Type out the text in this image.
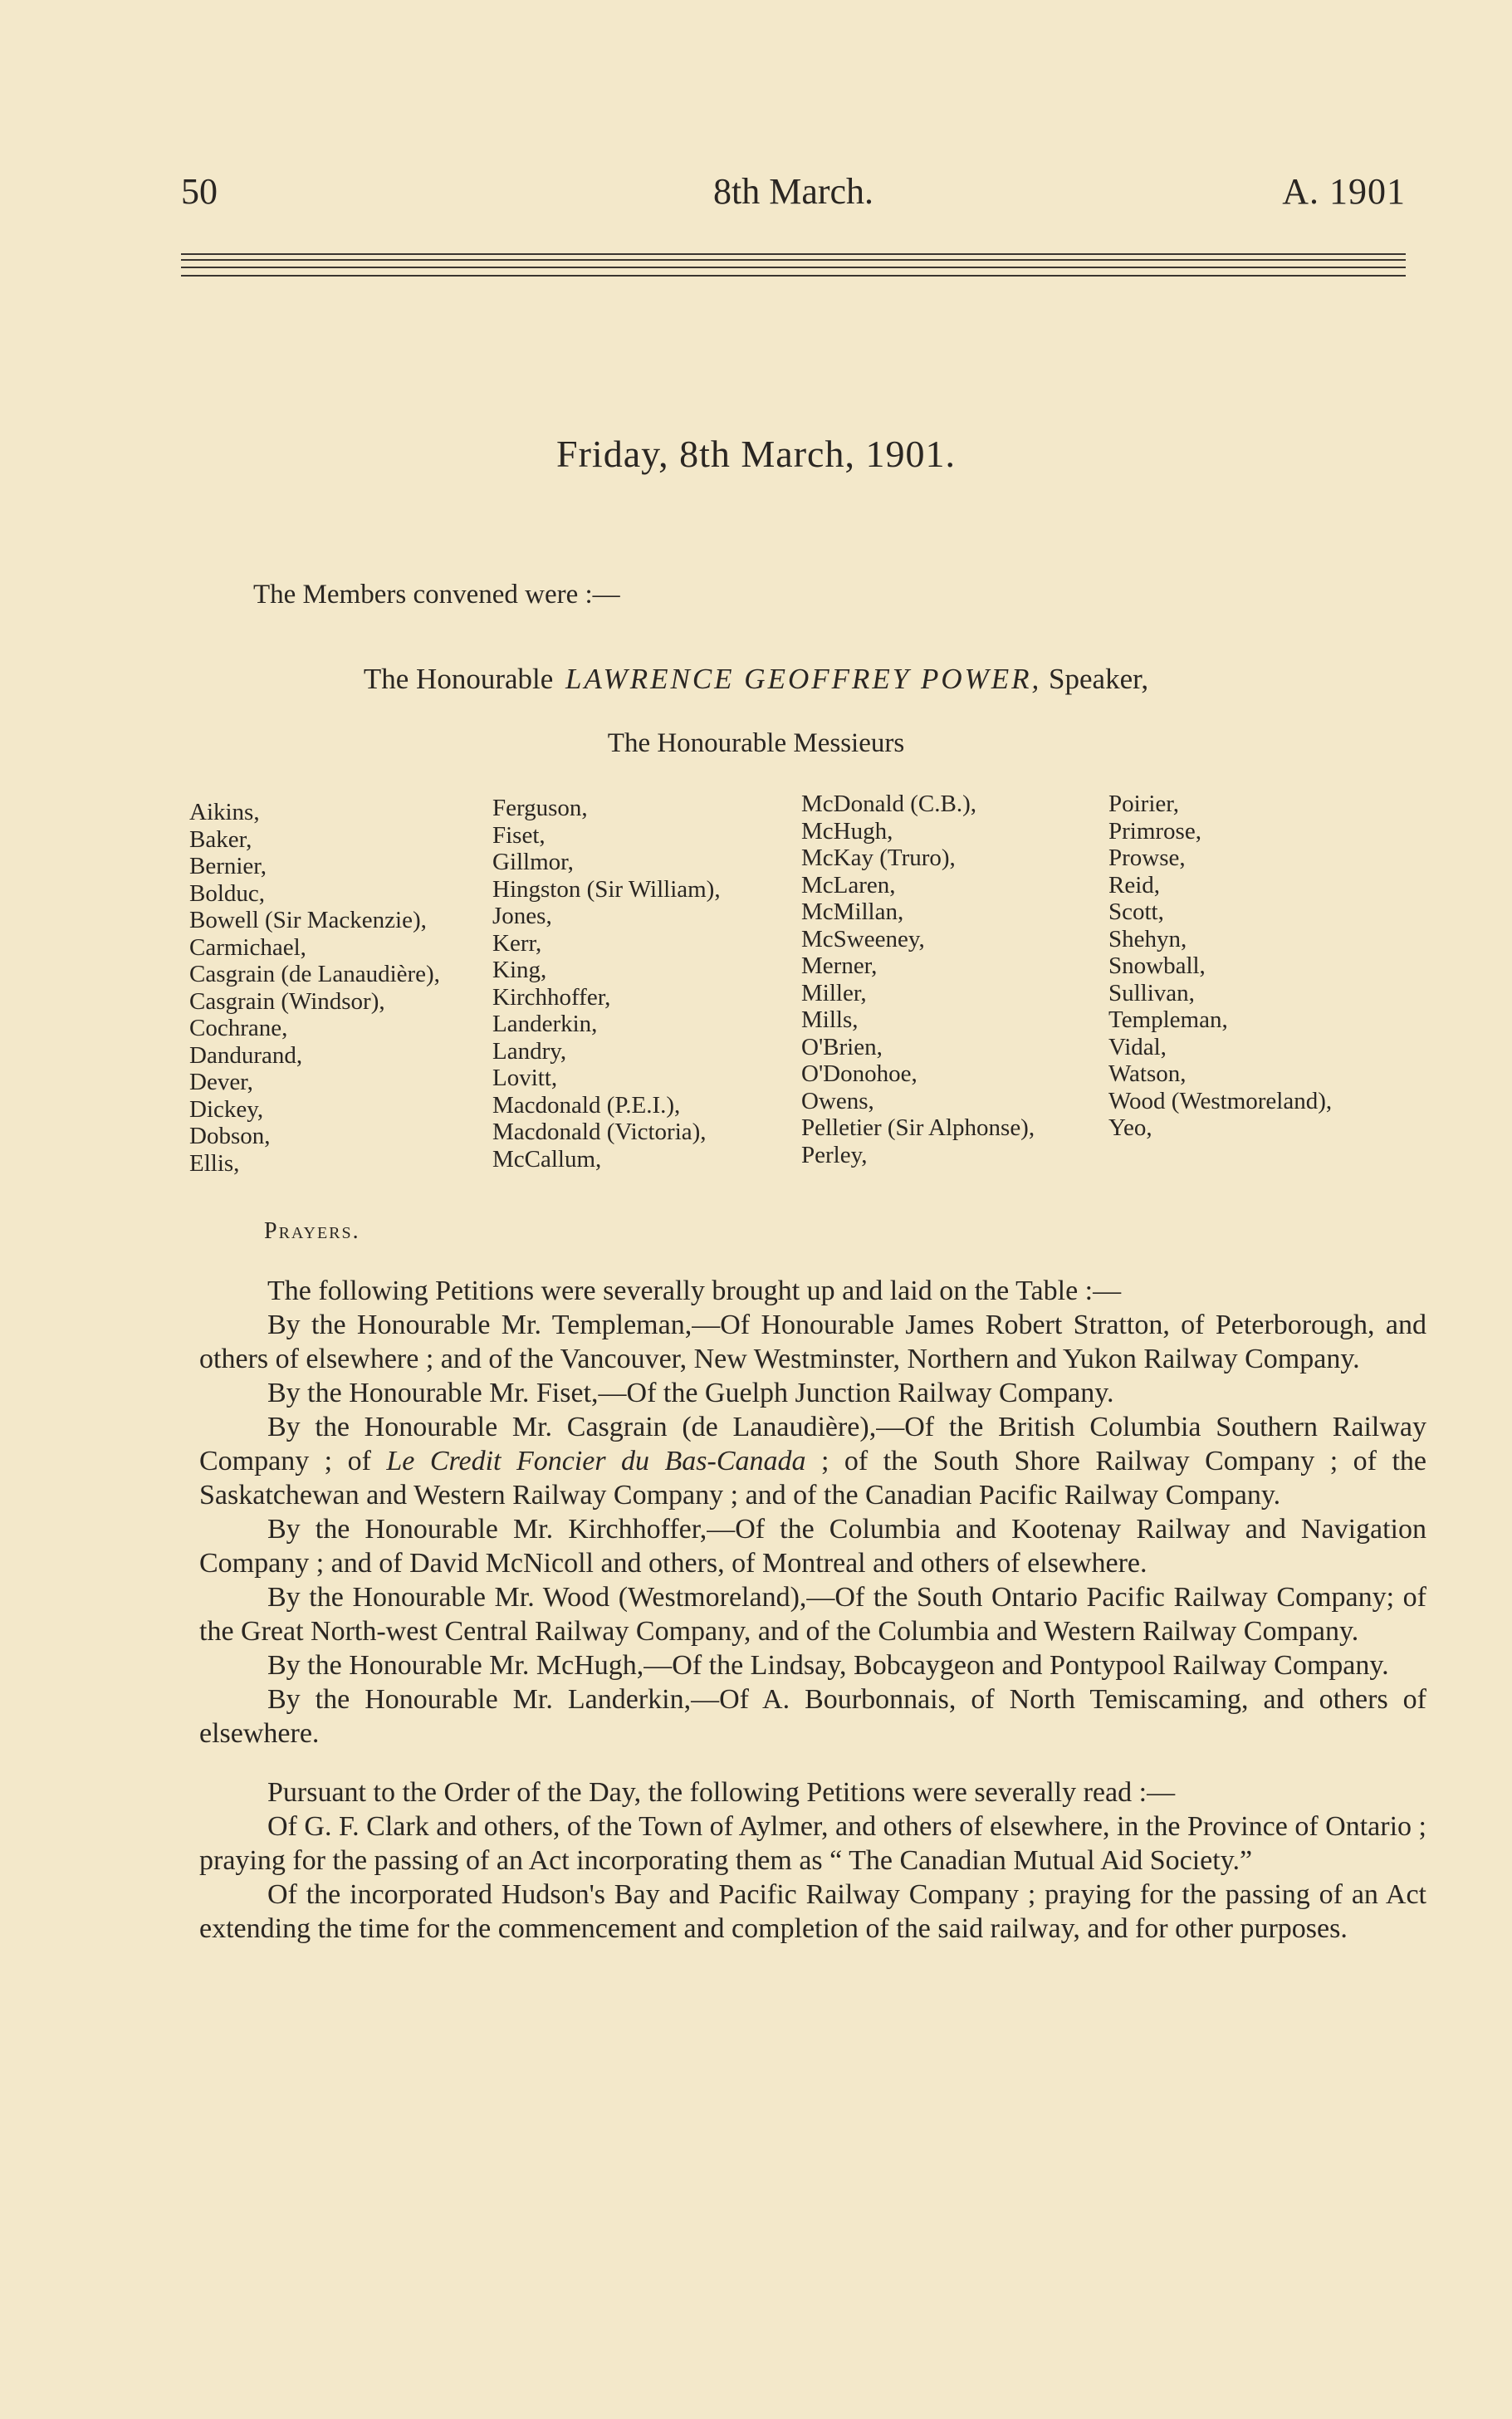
50	8th March.	A. 1901
Friday, 8th March, 1901.
The Members convened were :—
The Honourable LAWRENCE GEOFFREY POWER, Speaker,
The Honourable Messieurs
Aikins,
Baker,
Bernier,
Bolduc,
Bowell (Sir Mackenzie),
Carmichael,
Casgrain (de Lanaudière),
Casgrain (Windsor),
Cochrane,
Dandurand,
Dever,
Dickey,
Dobson,
Ellis,
Ferguson,
Fiset,
Gillmor,
Hingston (Sir William),
Jones,
Kerr,
King,
Kirchhoffer,
Landerkin,
Landry,
Lovitt,
Macdonald (P.E.I.),
Macdonald (Victoria),
McCallum,
McDonald (C.B.),
McHugh,
McKay (Truro),
McLaren,
McMillan,
McSweeney,
Merner,
Miller,
Mills,
O'Brien,
O'Donohoe,
Owens,
Pelletier (Sir Alphonse),
Perley,
Poirier,
Primrose,
Prowse,
Reid,
Scott,
Shehyn,
Snowball,
Sullivan,
Templeman,
Vidal,
Watson,
Wood (Westmoreland),
Yeo,
Prayers.

The following Petitions were severally brought up and laid on the Table :—

By the Honourable Mr. Templeman,—Of Honourable James Robert Stratton, of Peterborough, and others of elsewhere ; and of the Vancouver, New Westminster, Northern and Yukon Railway Company.

By the Honourable Mr. Fiset,—Of the Guelph Junction Railway Company.

By the Honourable Mr. Casgrain (de Lanaudière),—Of the British Columbia Southern Railway Company ; of Le Credit Foncier du Bas-Canada ; of the South Shore Railway Company ; of the Saskatchewan and Western Railway Company ; and of the Canadian Pacific Railway Company.

By the Honourable Mr. Kirchhoffer,—Of the Columbia and Kootenay Railway and Navigation Company ; and of David McNicoll and others, of Montreal and others of elsewhere.

By the Honourable Mr. Wood (Westmoreland),—Of the South Ontario Pacific Railway Company; of the Great North-west Central Railway Company, and of the Columbia and Western Railway Company.

By the Honourable Mr. McHugh,—Of the Lindsay, Bobcaygeon and Pontypool Railway Company.

By the Honourable Mr. Landerkin,—Of A. Bourbonnais, of North Temiscaming, and others of elsewhere.

Pursuant to the Order of the Day, the following Petitions were severally read :—

Of G. F. Clark and others, of the Town of Aylmer, and others of elsewhere, in the Province of Ontario ; praying for the passing of an Act incorporating them as “ The Canadian Mutual Aid Society.”

Of the incorporated Hudson's Bay and Pacific Railway Company ; praying for the passing of an Act extending the time for the commencement and completion of the said railway, and for other purposes.
